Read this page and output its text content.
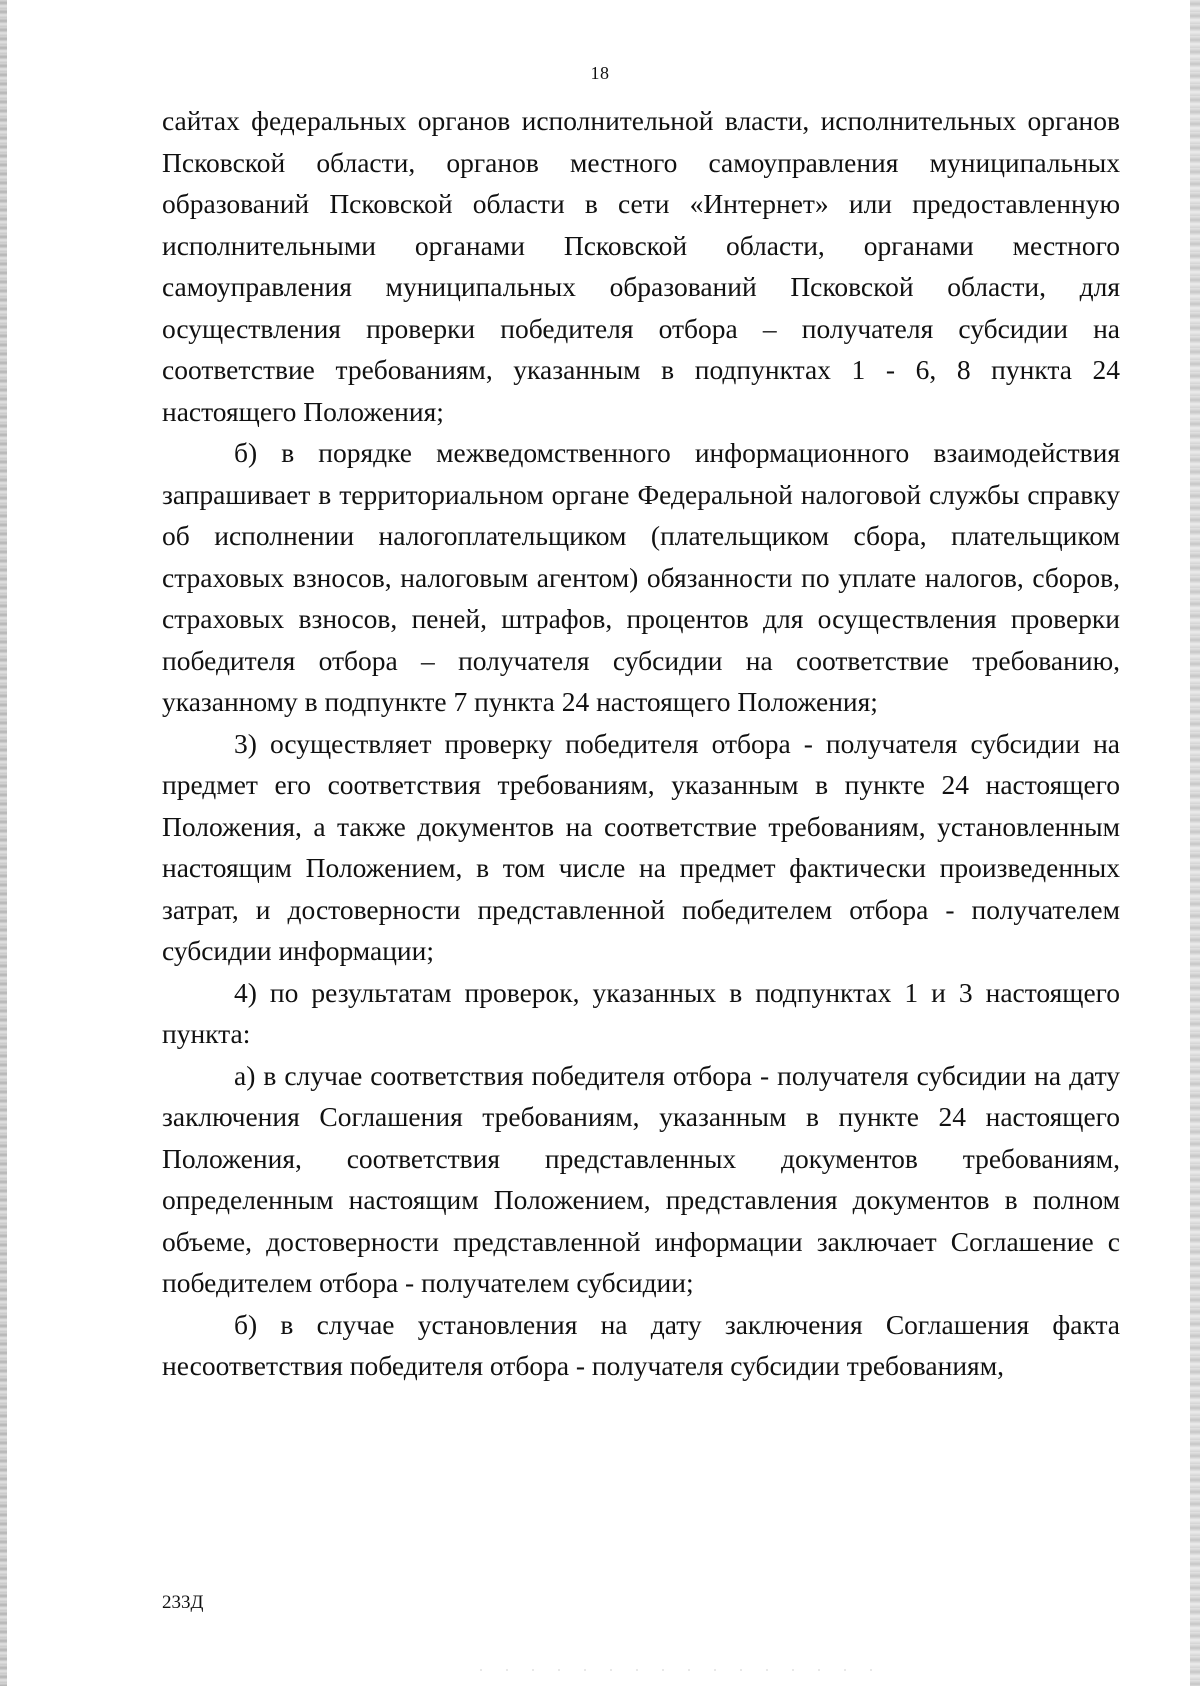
18

сайтах федеральных органов исполнительной власти, исполнительных органов Псковской области, органов местного самоуправления муниципальных образований Псковской области в сети «Интернет» или предоставленную исполнительными органами Псковской области, органами местного самоуправления муниципальных образований Псковской области, для осуществления проверки победителя отбора – получателя субсидии на соответствие требованиям, указанным в подпунктах 1 - 6, 8 пункта 24 настоящего Положения;

б) в порядке межведомственного информационного взаимодействия запрашивает в территориальном органе Федеральной налоговой службы справку об исполнении налогоплательщиком (плательщиком сбора, плательщиком страховых взносов, налоговым агентом) обязанности по уплате налогов, сборов, страховых взносов, пеней, штрафов, процентов для осуществления проверки победителя отбора – получателя субсидии на соответствие требованию, указанному в подпункте 7 пункта 24 настоящего Положения;

3) осуществляет проверку победителя отбора - получателя субсидии на предмет его соответствия требованиям, указанным в пункте 24 настоящего Положения, а также документов на соответствие требованиям, установленным настоящим Положением, в том числе на предмет фактически произведенных затрат, и достоверности представленной победителем отбора - получателем субсидии информации;

4) по результатам проверок, указанных в подпунктах 1 и 3 настоящего пункта:

а) в случае соответствия победителя отбора - получателя субсидии на дату заключения Соглашения требованиям, указанным в пункте 24 настоящего Положения, соответствия представленных документов требованиям, определенным настоящим Положением, представления документов в полном объеме, достоверности представленной информации заключает Соглашение с победителем отбора - получателем субсидии;

б) в случае установления на дату заключения Соглашения факта несоответствия победителя отбора - получателя субсидии требованиям,

233Д
